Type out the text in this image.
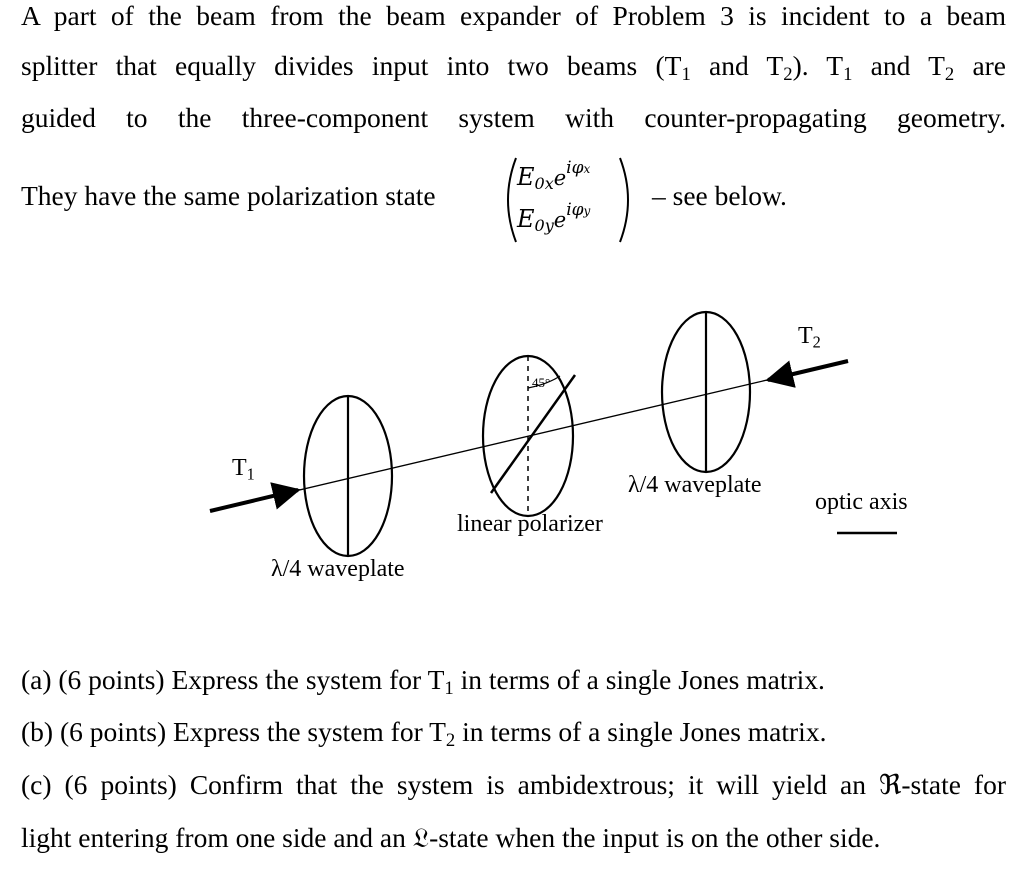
A part of the beam from the beam expander of Problem 3 is incident to a beam
splitter that equally divides input into two beams ($T_1$ and $T_2$). $T_1$ and $T_2$ are
guided to the three-component system with counter-propagating geometry.
They have the same polarization state
$E0xe^{i\varphi x}$
$E0ye^{i\varphi y}$ – see below.
$T_1$
$T_2$
45°
λ/4 waveplate
linear polarizer
λ/4 waveplate
optic axis
(a) (6 points) Express the system for $T_1$ in terms of a single Jones matrix.
(b) (6 points) Express the system for $T_2$ in terms of a single Jones matrix.
(c) (6 points) Confirm that the system is ambidextrous; it will yield an ℜ-state for
light entering from one side and an 𝔏-state when the input is on the other side.
